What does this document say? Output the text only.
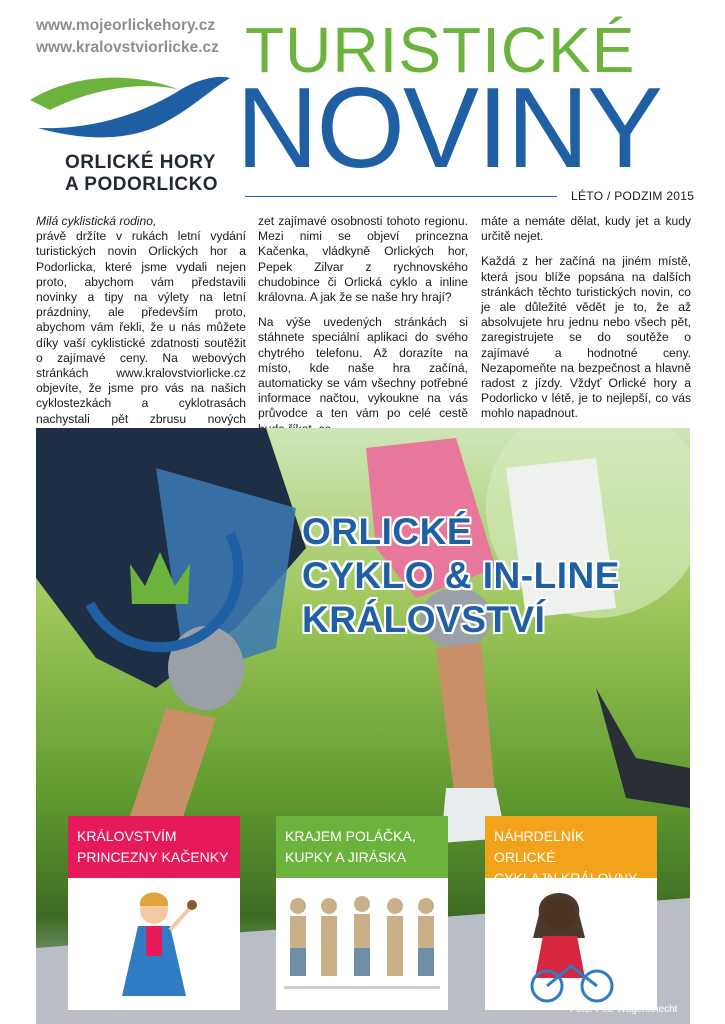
www.mojeorlickehory.cz
www.kralovstviorlicke.cz
ORLICKÉ HORY
A PODORLICKO
TURISTICKÉ
NOVINY
LÉTO / PODZIM 2015

Milá cyklistická rodino,

právě držíte v rukách letní vydání turistických novin Orlických hor a Podorlicka, které jsme vydali nejen proto, abychom vám představili novinky a tipy na výlety na letní prázdniny, ale především proto, abychom vám řekli, že u nás můžete díky vaší cyklistické zdatnosti soutěžit o zajímavé ceny. Na webových stránkách www.kralovstviorlicke.cz objevíte, že jsme pro vás na našich cyklostezkách a cyklotrasách nachystali pět zbrusu nových

zet zajímavé osobnosti tohoto regionu. Mezi nimi se objeví princezna Kačenka, vládkyně Orlických hor, Pepek Zilvar z rychnovského chudobince či Orlická cyklo a inline královna. A jak že se naše hry hrají?

Na výše uvedených stránkách si stáhnete speciální aplikaci do svého chytrého telefonu. Až dorazíte na místo, kde naše hra začíná, automaticky se vám všechny potřebné informace načtou, vykoukne na vás průvodce a ten vám po celé cestě

máte a nemáte dělat, kudy jet a kudy určitě nejet.

Každá z her začíná na jiném místě, která jsou blíže popsána na dalších stránkách těchto turistických novin, co je ale důležité vědět je to, že až absolvujete hru jednu nebo všech pět, zaregistrujete se do soutěže o zajímavé a hodnotné ceny. Nezapomeňte na bezpečnost a hlavně radost z jízdy. Vždyť Orlické hory a Podorlicko v létě, je to nejlepší, co vás mohlo napadnout.

ORLICKÉ
CYKLO & IN-LINE
KRÁLOVSTVÍ
KRÁLOVSTVÍM
PRINCEZNY KAČENKY
KRAJEM POLÁČKA,
KUPKY A JIRÁSKA
NÁHRDELNÍK ORLICKÉ
CYKLAJN KRÁLOVNY
Foto: Petr Wagenknecht
